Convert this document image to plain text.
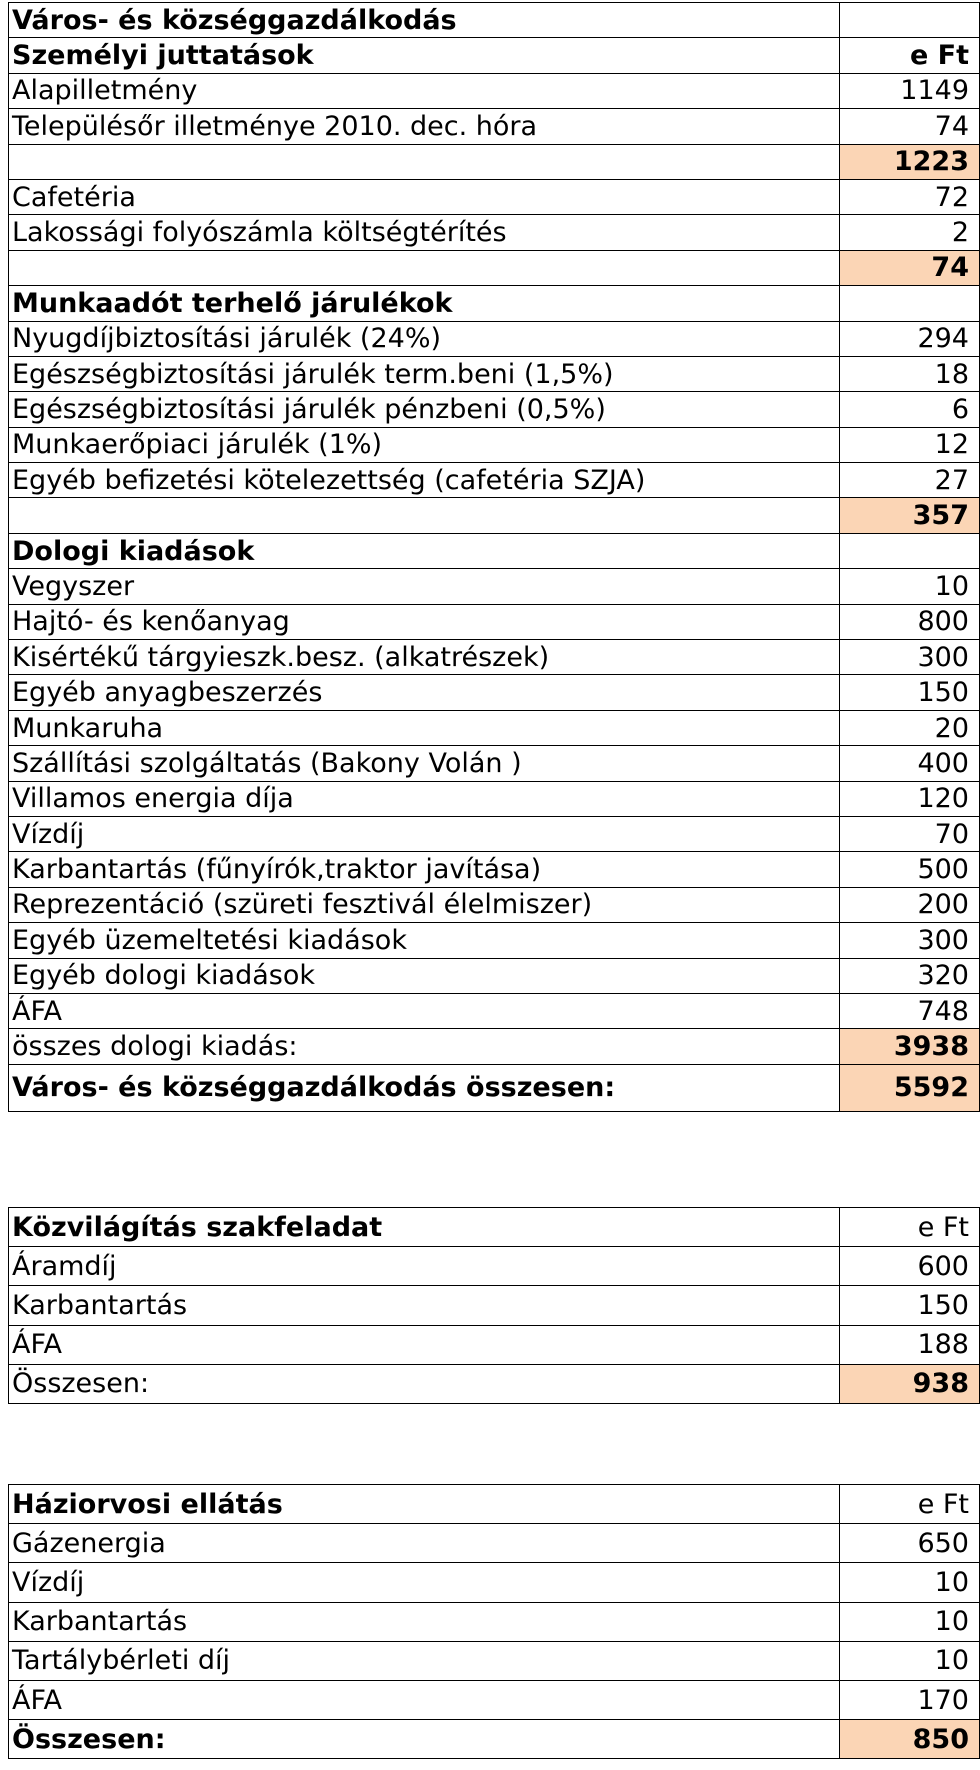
Város- és községgazdálkodás	
Személyi juttatások	e Ft
Alapilletmény	1149
Településőr illetménye 2010. dec. hóra	74
	1223
Cafetéria	72
Lakossági folyószámla költségtérítés	2
	74
Munkaadót terhelő járulékok	
Nyugdíjbiztosítási járulék (24%)	294
Egészségbiztosítási járulék term.beni (1,5%)	18
Egészségbiztosítási járulék pénzbeni (0,5%)	6
Munkaerőpiaci járulék (1%)	12
Egyéb befizetési kötelezettség (cafetéria SZJA)	27
	357
Dologi kiadások	
Vegyszer	10
Hajtó- és kenőanyag	800
Kisértékű tárgyieszk.besz. (alkatrészek)	300
Egyéb anyagbeszerzés	150
Munkaruha	20
Szállítási szolgáltatás (Bakony Volán )	400
Villamos energia díja	120
Vízdíj	70
Karbantartás (fűnyírók,traktor javítása)	500
Reprezentáció (szüreti fesztivál élelmiszer)	200
Egyéb üzemeltetési kiadások	300
Egyéb dologi kiadások	320
ÁFA	748
összes dologi kiadás:	3938
Város- és községgazdálkodás összesen:	5592
Közvilágítás szakfeladat	e Ft
Áramdíj	600
Karbantartás	150
ÁFA	188
Összesen:	938
Háziorvosi ellátás	e Ft
Gázenergia	650
Vízdíj	10
Karbantartás	10
Tartálybérleti díj	10
ÁFA	170
Összesen:	850
